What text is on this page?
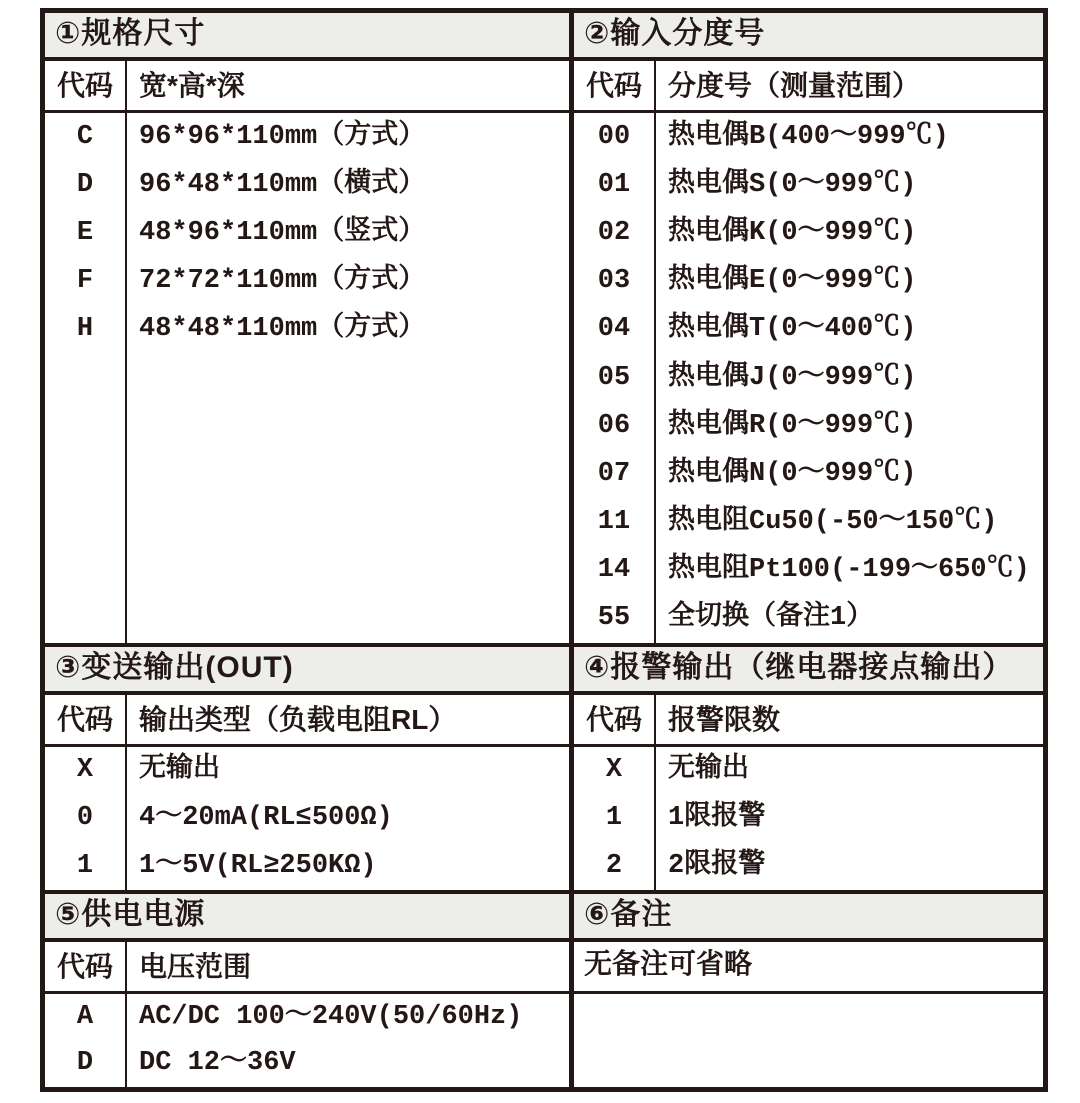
①规格尺寸
代码 宽*高*深
C	96*96*110mm（方式）
D	96*48*110mm（横式）
E	48*96*110mm（竖式）
F	72*72*110mm（方式）
H	48*48*110mm（方式）
②输入分度号
代码 分度号（测量范围）
00	热电偶B(400～999℃)
01	热电偶S(0～999℃)
02	热电偶K(0～999℃)
03	热电偶E(0～999℃)
04	热电偶T(0～400℃)
05	热电偶J(0～999℃)
06	热电偶R(0～999℃)
07	热电偶N(0～999℃)
11	热电阻Cu50(-50～150℃)
14	热电阻Pt100(-199～650℃)
55	全切换（备注1）
③变送输出(OUT)
代码 输出类型（负载电阻RL）
X	无输出
0	4～20mA(RL≤500Ω)
1	1～5V(RL≥250KΩ)
④报警输出（继电器接点输出）
代码 报警限数
X	无输出
1	1限报警
2	2限报警
⑤供电电源
代码 电压范围
A	AC/DC 100～240V(50/60Hz)
D	DC 12～36V
⑥备注
无备注可省略
